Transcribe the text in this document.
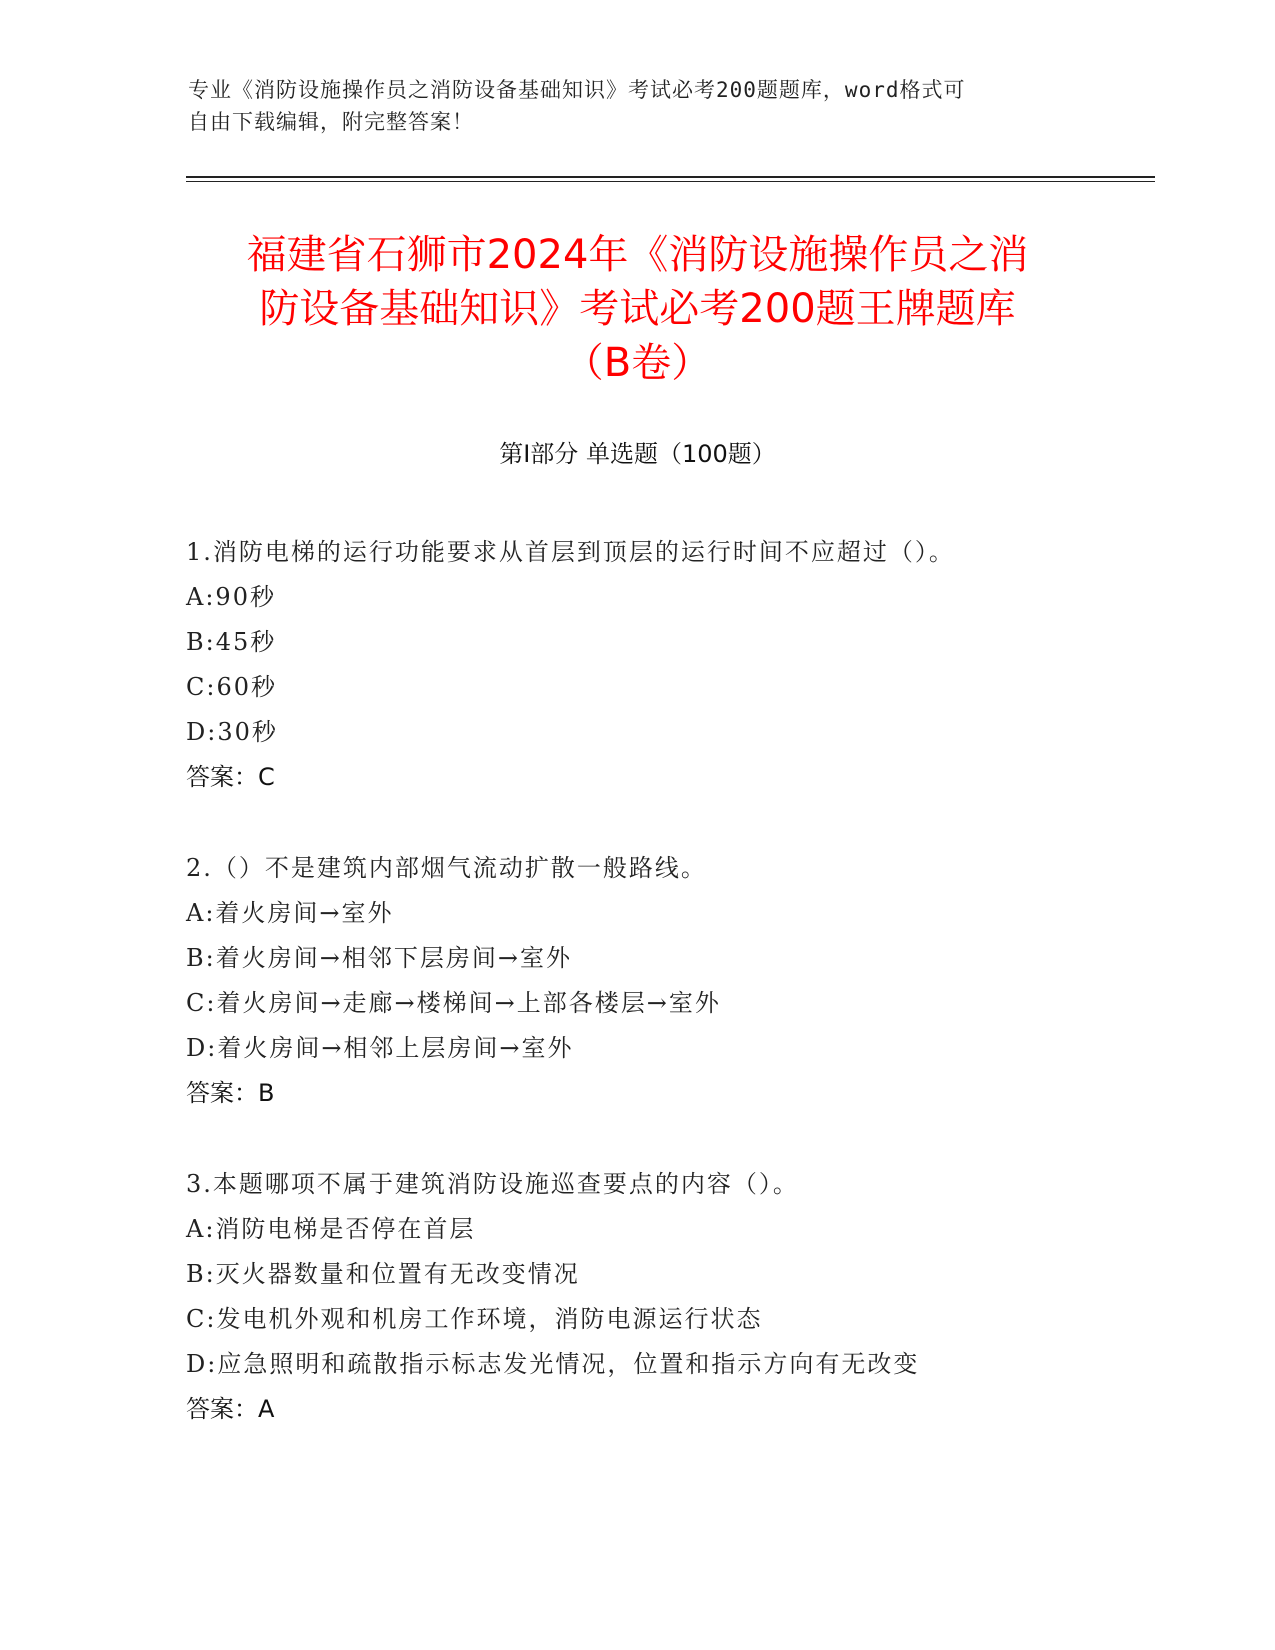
专业《消防设施操作员之消防设备基础知识》考试必考200题题库，word格式可
自由下载编辑，附完整答案！
福建省石狮市2024年《消防设施操作员之消
防设备基础知识》考试必考200题王牌题库
（B卷）
第Ⅰ部分 单选题（100题）
1.消防电梯的运行功能要求从首层到顶层的运行时间不应超过（）。
A:90秒
B:45秒
C:60秒
D:30秒
答案：C
2.（）不是建筑内部烟气流动扩散一般路线。
A:着火房间→室外
B:着火房间→相邻下层房间→室外
C:着火房间→走廊→楼梯间→上部各楼层→室外
D:着火房间→相邻上层房间→室外
答案：B
3.本题哪项不属于建筑消防设施巡查要点的内容（）。
A:消防电梯是否停在首层
B:灭火器数量和位置有无改变情况
C:发电机外观和机房工作环境，消防电源运行状态
D:应急照明和疏散指示标志发光情况，位置和指示方向有无改变
答案：A
